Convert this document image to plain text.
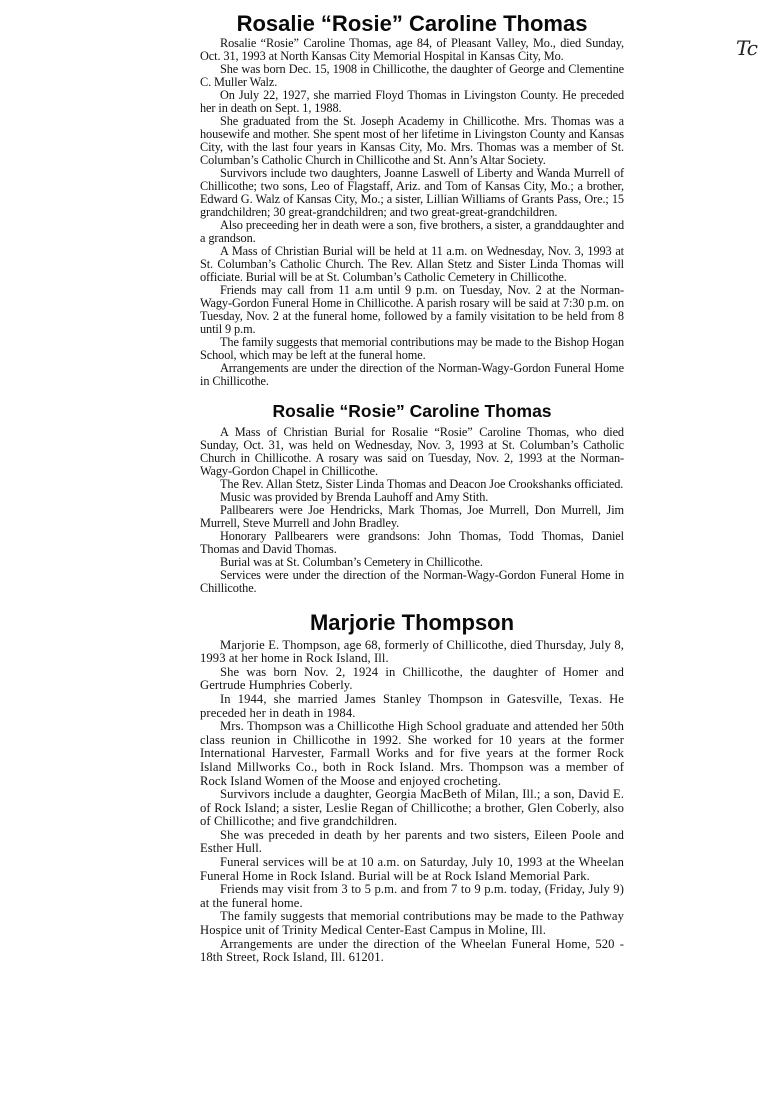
Tc
Rosalie “Rosie” Caroline Thomas

Rosalie “Rosie” Caroline Thomas, age 84, of Pleasant Valley, Mo., died Sunday, Oct. 31, 1993 at North Kansas City Memorial Hospital in Kansas City, Mo.

She was born Dec. 15, 1908 in Chillicothe, the daughter of George and Clementine C. Muller Walz.

On July 22, 1927, she married Floyd Thomas in Livingston County. He preceded her in death on Sept. 1, 1988.

She graduated from the St. Joseph Academy in Chillicothe. Mrs. Thomas was a housewife and mother. She spent most of her lifetime in Livingston County and Kansas City, with the last four years in Kansas City, Mo. Mrs. Thomas was a member of St. Columban’s Catholic Church in Chillicothe and St. Ann’s Altar Society.

Survivors include two daughters, Joanne Laswell of Liberty and Wanda Murrell of Chillicothe; two sons, Leo of Flagstaff, Ariz. and Tom of Kansas City, Mo.; a brother, Edward G. Walz of Kansas City, Mo.; a sister, Lillian Williams of Grants Pass, Ore.; 15 grandchildren; 30 great-grandchildren; and two great-great-grandchildren.

Also preceeding her in death were a son, five brothers, a sister, a granddaughter and a grandson.

A Mass of Christian Burial will be held at 11 a.m. on Wednesday, Nov. 3, 1993 at St. Columban’s Catholic Church. The Rev. Allan Stetz and Sister Linda Thomas will officiate. Burial will be at St. Columban’s Catholic Cemetery in Chillicothe.

Friends may call from 11 a.m until 9 p.m. on Tuesday, Nov. 2 at the Norman-Wagy-Gordon Funeral Home in Chillicothe. A parish rosary will be said at 7:30 p.m. on Tuesday, Nov. 2 at the funeral home, followed by a family visitation to be held from 8 until 9 p.m.

The family suggests that memorial contributions may be made to the Bishop Hogan School, which may be left at the funeral home.

Arrangements are under the direction of the Norman-Wagy-Gordon Funeral Home in Chillicothe.

Rosalie “Rosie” Caroline Thomas

A Mass of Christian Burial for Rosalie “Rosie” Caroline Thomas, who died Sunday, Oct. 31, was held on Wednesday, Nov. 3, 1993 at St. Columban’s Catholic Church in Chillicothe. A rosary was said on Tuesday, Nov. 2, 1993 at the Norman-Wagy-Gordon Chapel in Chillicothe.

The Rev. Allan Stetz, Sister Linda Thomas and Deacon Joe Crookshanks officiated.

Music was provided by Brenda Lauhoff and Amy Stith.

Pallbearers were Joe Hendricks, Mark Thomas, Joe Murrell, Don Murrell, Jim Murrell, Steve Murrell and John Bradley.

Honorary Pallbearers were grandsons: John Thomas, Todd Thomas, Daniel Thomas and David Thomas.

Burial was at St. Columban’s Cemetery in Chillicothe.

Services were under the direction of the Norman-Wagy-Gordon Funeral Home in Chillicothe.

Marjorie Thompson

Marjorie E. Thompson, age 68, formerly of Chillicothe, died Thursday, July 8, 1993 at her home in Rock Island, Ill.

She was born Nov. 2, 1924 in Chillicothe, the daughter of Homer and Gertrude Humphries Coberly.

In 1944, she married James Stanley Thompson in Gatesville, Texas. He preceded her in death in 1984.

Mrs. Thompson was a Chillicothe High School graduate and attended her 50th class reunion in Chillicothe in 1992. She worked for 10 years at the former International Harvester, Farmall Works and for five years at the former Rock Island Millworks Co., both in Rock Island. Mrs. Thompson was a member of Rock Island Women of the Moose and enjoyed crocheting.

Survivors include a daughter, Georgia MacBeth of Milan, Ill.; a son, David E. of Rock Island; a sister, Leslie Regan of Chillicothe; a brother, Glen Coberly, also of Chillicothe; and five grandchildren.

She was preceded in death by her parents and two sisters, Eileen Poole and Esther Hull.

Funeral services will be at 10 a.m. on Saturday, July 10, 1993 at the Wheelan Funeral Home in Rock Island. Burial will be at Rock Island Memorial Park.

Friends may visit from 3 to 5 p.m. and from 7 to 9 p.m. today, (Friday, July 9) at the funeral home.

The family suggests that memorial contributions may be made to the Pathway Hospice unit of Trinity Medical Center-East Campus in Moline, Ill.

Arrangements are under the direction of the Wheelan Funeral Home, 520 - 18th Street, Rock Island, Ill. 61201.
